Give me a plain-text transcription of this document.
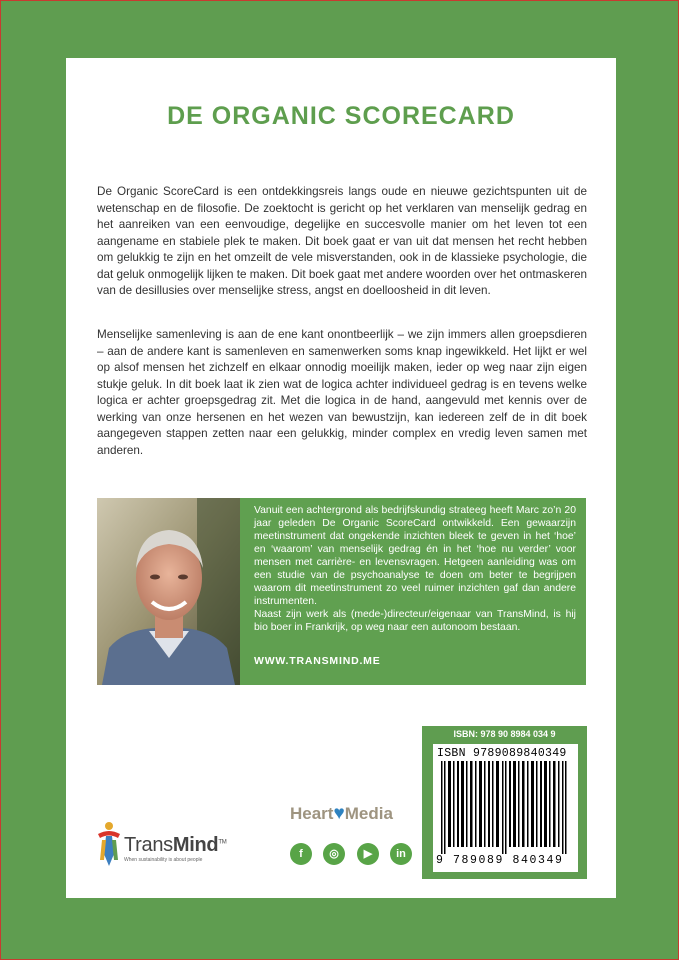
DE ORGANIC SCORECARD
De Organic ScoreCard is een ontdekkingsreis langs oude en nieuwe gezichtspunten uit de wetenschap en de filosofie. De zoektocht is gericht op het verklaren van menselijk gedrag en het aanreiken van een eenvoudige, degelijke en succesvolle manier om het leven tot een aangename en stabiele plek te maken. Dit boek gaat er van uit dat mensen het recht hebben om gelukkig te zijn en het omzeilt de vele misverstanden, ook in de klassieke psychologie, die dat geluk onmogelijk lijken te maken. Dit boek gaat met andere woorden over het ontmaskeren van de desillusies over menselijke stress, angst en doelloosheid in dit leven.
Menselijke samenleving is aan de ene kant onontbeerlijk – we zijn immers allen groepsdieren – aan de andere kant is samenleven en samenwerken soms knap ingewikkeld. Het lijkt er wel op alsof mensen het zichzelf en elkaar onnodig moeilijk maken, ieder op weg naar zijn eigen stukje geluk. In dit boek laat ik zien wat de logica achter individueel gedrag is en tevens welke logica er achter groepsgedrag zit. Met die logica in de hand, aangevuld met kennis over de werking van onze hersenen en het wezen van bewustzijn, kan iedereen zelf de in dit boek aangegeven stappen zetten naar een gelukkig, minder complex en vredig leven samen met anderen.
Vanuit een achtergrond als bedrijfskundig strateeg heeft Marc zo’n 20 jaar geleden De Organic ScoreCard ontwikkeld. Een gewaarzijn meetinstrument dat ongekende inzichten bleek te geven in het ‘hoe’ en ‘waarom’ van menselijk gedrag én in het ‘hoe nu verder’ voor mensen met carrière- en levensvragen. Hetgeen aanleiding was om een studie van de psychoanalyse te doen om beter te begrijpen waarom dit meetinstrument zo veel ruimer inzichten gaf dan andere instrumenten.
Naast zijn werk als (mede-)directeur/eigenaar van TransMind, is hij bio boer in Frankrijk, op weg naar een autonoom bestaan.
WWW.TRANSMIND.ME
ISBN: 978 90 8984 034 9
ISBN 9789089840349
9 789089 840349
Heart♥Media
f	◎	▶	in
TransMind™
When sustainability is about people
